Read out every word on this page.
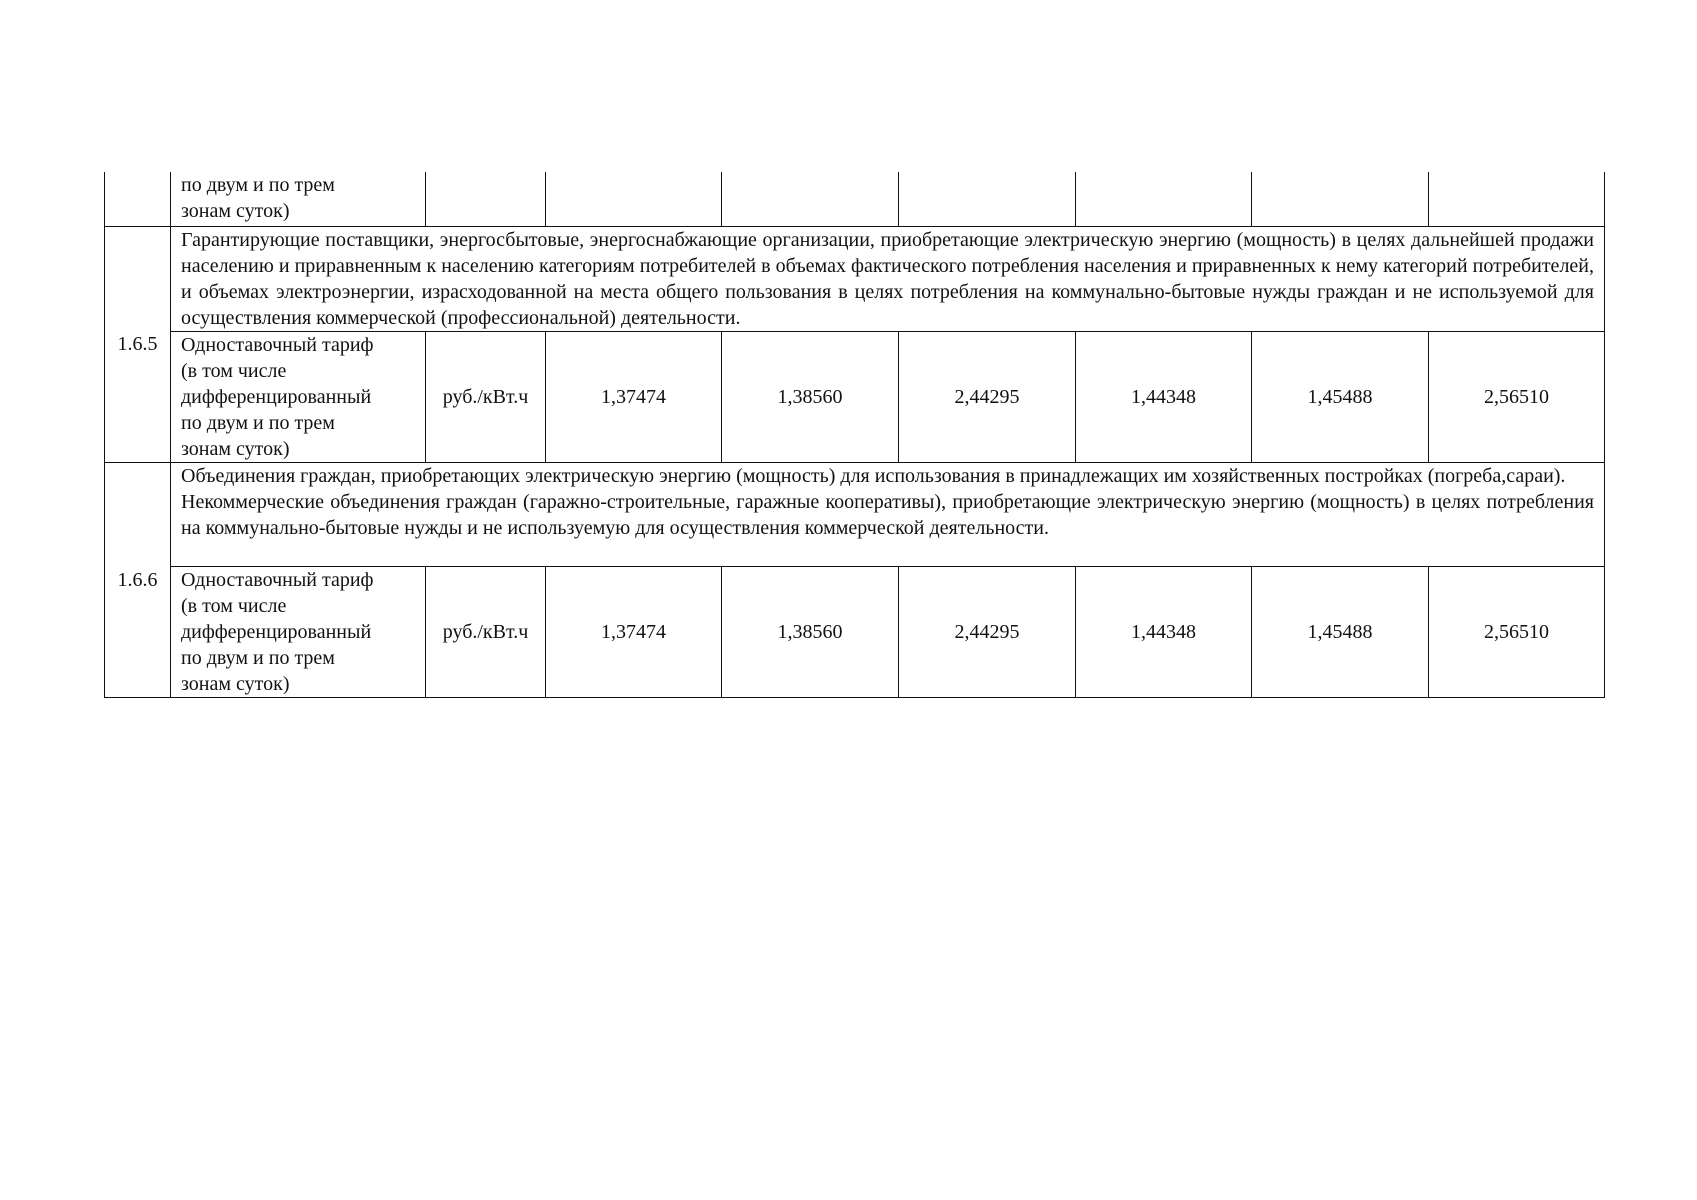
	по двум и по трем
зонам суток)							

1.6.5	Гарантирующие поставщики, энергосбытовые, энергоснабжающие организации, приобретающие электрическую энергию (мощность) в целях дальнейшей продажи населению и приравненным к населению категориям потребителей в объемах фактического потребления населения и приравненных к нему категорий потребителей, и объемах электроэнергии, израсходованной на места общего пользования в целях потребления на коммунально-бытовые нужды граждан и не используемой для осуществления коммерческой (профессиональной) деятельности.							

	Одноставочный тариф
(в том числе
дифференцированный
по двум и по трем
зонам суток)	руб./кВт.ч	1,37474	1,38560	2,44295	1,44348	1,45488	2,56510
1.6.6	Объединения граждан, приобретающих электрическую энергию (мощность) для использования в принадлежащих им хозяйственных постройках (погреба,сараи).
Некоммерческие объединения граждан (гаражно-строительные, гаражные кооперативы), приобретающие электрическую энергию (мощность) в целях потребления на коммунально-бытовые нужды и не используемую для осуществления коммерческой деятельности.							

	Одноставочный тариф
(в том числе
дифференцированный
по двум и по трем
зонам суток)	руб./кВт.ч	1,37474	1,38560	2,44295	1,44348	1,45488	2,56510
